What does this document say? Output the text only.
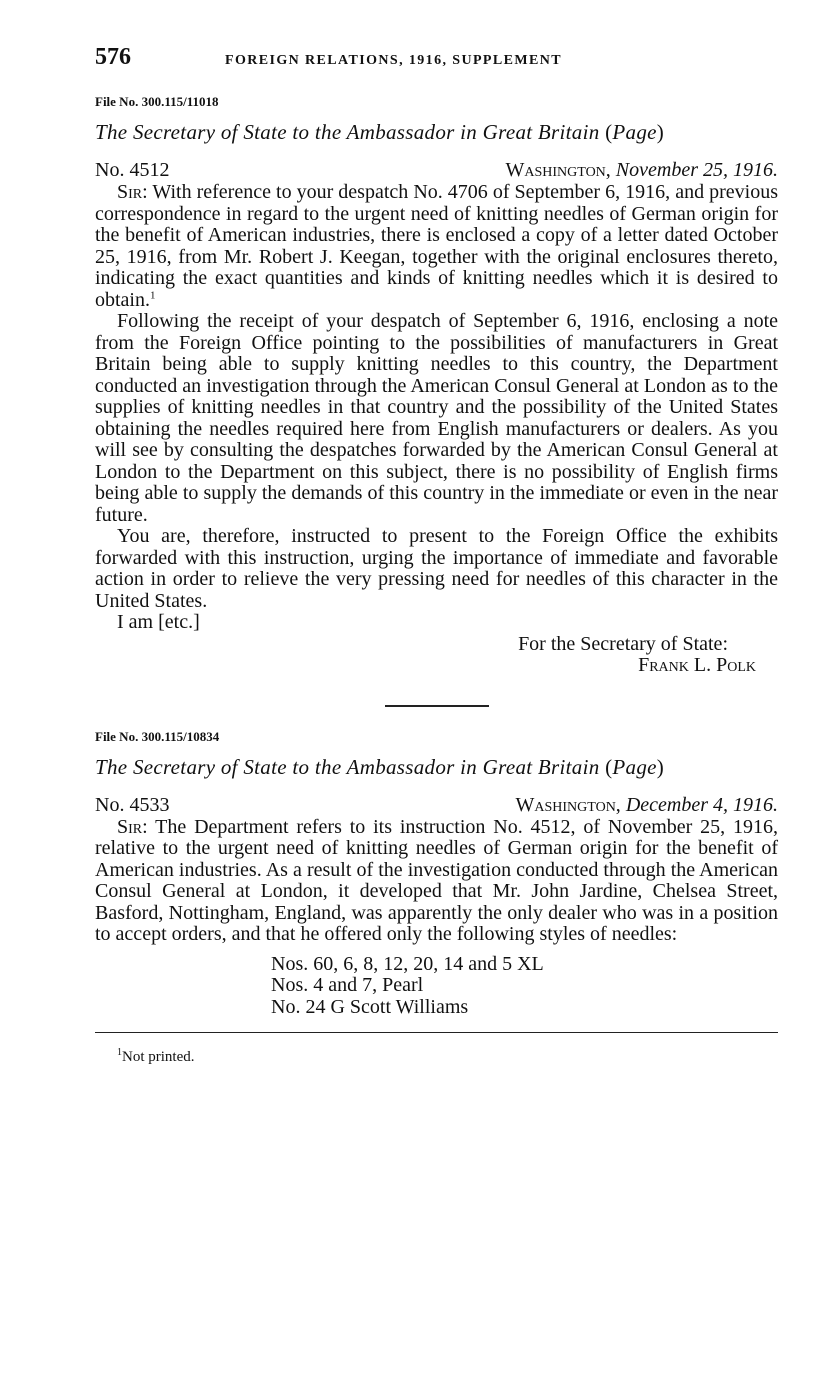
576	FOREIGN RELATIONS, 1916, SUPPLEMENT
File No. 300.115/11018
The Secretary of State to the Ambassador in Great Britain (Page)
No. 4512	Washington, November 25, 1916.

Sir: With reference to your despatch No. 4706 of September 6, 1916, and previous correspondence in regard to the urgent need of knitting needles of German origin for the benefit of American industries, there is enclosed a copy of a letter dated October 25, 1916, from Mr. Robert J. Keegan, together with the original enclosures thereto, indicating the exact quantities and kinds of knitting needles which it is desired to obtain.$^1$

Following the receipt of your despatch of September 6, 1916, enclosing a note from the Foreign Office pointing to the possibilities of manufacturers in Great Britain being able to supply knitting needles to this country, the Department conducted an investigation through the American Consul General at London as to the supplies of knitting needles in that country and the possibility of the United States obtaining the needles required here from English manufacturers or dealers. As you will see by consulting the despatches forwarded by the American Consul General at London to the Department on this subject, there is no possibility of English firms being able to supply the demands of this country in the immediate or even in the near future.

You are, therefore, instructed to present to the Foreign Office the exhibits forwarded with this instruction, urging the importance of immediate and favorable action in order to relieve the very pressing need for needles of this character in the United States.

I am [etc.]

For the Secretary of State:
Frank L. Polk
File No. 300.115/10834
The Secretary of State to the Ambassador in Great Britain (Page)
No. 4533	Washington, December 4, 1916.

Sir: The Department refers to its instruction No. 4512, of November 25, 1916, relative to the urgent need of knitting needles of German origin for the benefit of American industries. As a result of the investigation conducted through the American Consul General at London, it developed that Mr. John Jardine, Chelsea Street, Basford, Nottingham, England, was apparently the only dealer who was in a position to accept orders, and that he offered only the following styles of needles:

Nos. 60, 6, 8, 12, 20, 14 and 5 XL
Nos. 4 and 7, Pearl
No. 24 G Scott Williams
$^1$Not printed.
